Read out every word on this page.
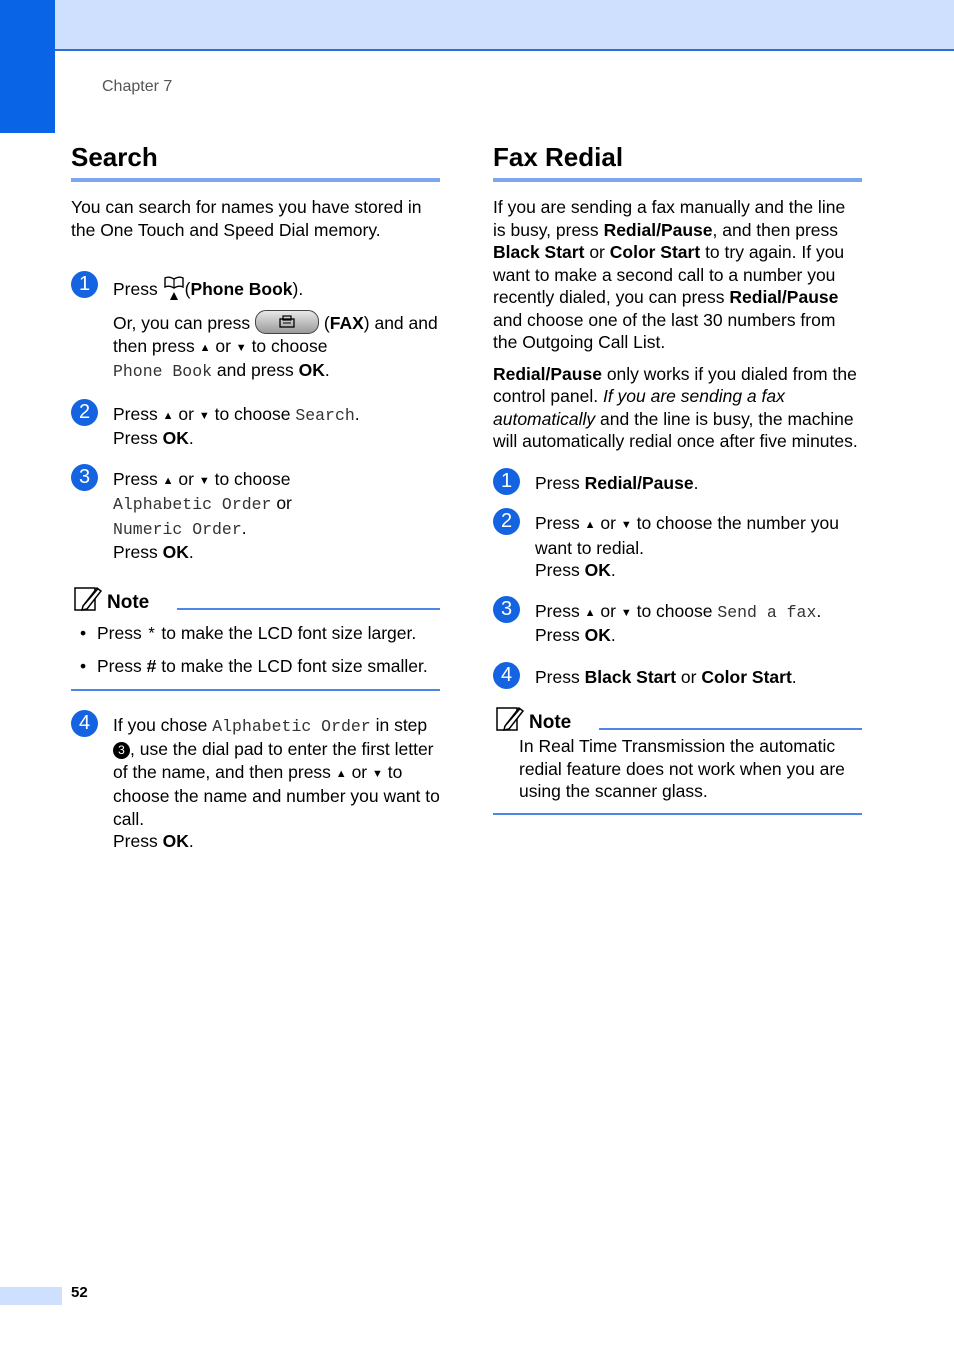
Chapter 7
Search

You can search for names you have stored in the One Touch and Speed Dial memory.

1	Press (Phone Book).
Or, you can press	(FAX) and and then press ▲ or ▼ to choose
Phone Book and press OK.
2	Press ▲ or ▼ to choose Search.
Press OK.
3	Press ▲ or ▼ to choose
Alphabetic Order or
Numeric Order.
Press OK.
Note
• Press * to make the LCD font size larger.
• Press # to make the LCD font size smaller.
4	If you chose Alphabetic Order in step 3 , use the dial pad to enter the first letter of the name, and then press ▲ or ▼ to choose the name and number you want to call.
Press OK.
Fax Redial

If you are sending a fax manually and the line is busy, press Redial/Pause, and then press Black Start or Color Start to try again. If you want to make a second call to a number you recently dialed, you can press Redial/Pause and choose one of the last 30 numbers from the Outgoing Call List.

Redial/Pause only works if you dialed from the control panel. If you are sending a fax automatically and the line is busy, the machine will automatically redial once after five minutes.

1	Press Redial/Pause.
2	Press ▲ or ▼ to choose the number you want to redial.
Press OK.
3	Press ▲ or ▼ to choose Send a fax.
Press OK.
4	Press Black Start or Color Start.
Note

In Real Time Transmission the automatic redial feature does not work when you are using the scanner glass.

52
